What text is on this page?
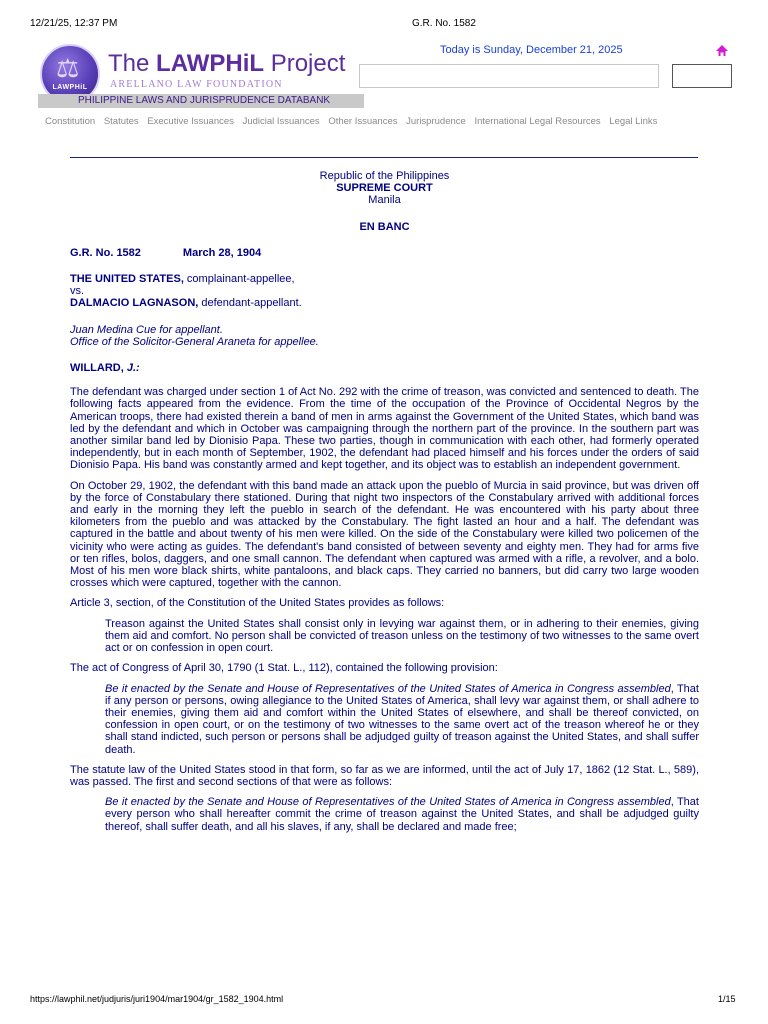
12/21/25, 12:37 PM	G.R. No. 1582
⚖
LAWPHiL
PHILIPPINE LAWS AND JURISPRUDENCE DATABANK
The LAWPHiL Project
ARELLANO LAW FOUNDATION
Today is Sunday, December 21, 2025
Constitution Statutes Executive Issuances Judicial Issuances Other Issuances Jurisprudence International Legal Resources Legal Links
Republic of the Philippines
SUPREME COURT
Manila
EN BANC
G.R. No. 1582	March 28, 1904
THE UNITED STATES, complainant-appellee,
vs.
DALMACIO LAGNASON, defendant-appellant.
Juan Medina Cue for appellant.
Office of the Solicitor-General Araneta for appellee.
WILLARD, J.:

The defendant was charged under section 1 of Act No. 292 with the crime of treason, was convicted and sentenced to death. The following facts appeared from the evidence. From the time of the occupation of the Province of Occidental Negros by the American troops, there had existed therein a band of men in arms against the Government of the United States, which band was led by the defendant and which in October was campaigning through the northern part of the province. In the southern part was another similar band led by Dionisio Papa. These two parties, though in communication with each other, had formerly operated independently, but in each month of September, 1902, the defendant had placed himself and his forces under the orders of said Dionisio Papa. His band was constantly armed and kept together, and its object was to establish an independent government.

On October 29, 1902, the defendant with this band made an attack upon the pueblo of Murcia in said province, but was driven off by the force of Constabulary there stationed. During that night two inspectors of the Constabulary arrived with additional forces and early in the morning they left the pueblo in search of the defendant. He was encountered with his party about three kilometers from the pueblo and was attacked by the Constabulary. The fight lasted an hour and a half. The defendant was captured in the battle and about twenty of his men were killed. On the side of the Constabulary were killed two policemen of the vicinity who were acting as guides. The defendant's band consisted of between seventy and eighty men. They had for arms five or ten rifles, bolos, daggers, and one small cannon. The defendant when captured was armed with a rifle, a revolver, and a bolo. Most of his men wore black shirts, white pantaloons, and black caps. They carried no banners, but did carry two large wooden crosses which were captured, together with the cannon.

Article 3, section, of the Constitution of the United States provides as follows:

Treason against the United States shall consist only in levying war against them, or in adhering to their enemies, giving them aid and comfort. No person shall be convicted of treason unless on the testimony of two witnesses to the same overt act or on confession in open court.

The act of Congress of April 30, 1790 (1 Stat. L., 112), contained the following provision:

Be it enacted by the Senate and House of Representatives of the United States of America in Congress assembled, That if any person or persons, owing allegiance to the United States of America, shall levy war against them, or shall adhere to their enemies, giving them aid and comfort within the United States of elsewhere, and shall be thereof convicted, on confession in open court, or on the testimony of two witnesses to the same overt act of the treason whereof he or they shall stand indicted, such person or persons shall be adjudged guilty of treason against the United States, and shall suffer death.

The statute law of the United States stood in that form, so far as we are informed, until the act of July 17, 1862 (12 Stat. L., 589), was passed. The first and second sections of that were as follows:

Be it enacted by the Senate and House of Representatives of the United States of America in Congress assembled, That every person who shall hereafter commit the crime of treason against the United States, and shall be adjudged guilty thereof, shall suffer death, and all his slaves, if any, shall be declared and made free;

https://lawphil.net/judjuris/juri1904/mar1904/gr_1582_1904.html	1/15
